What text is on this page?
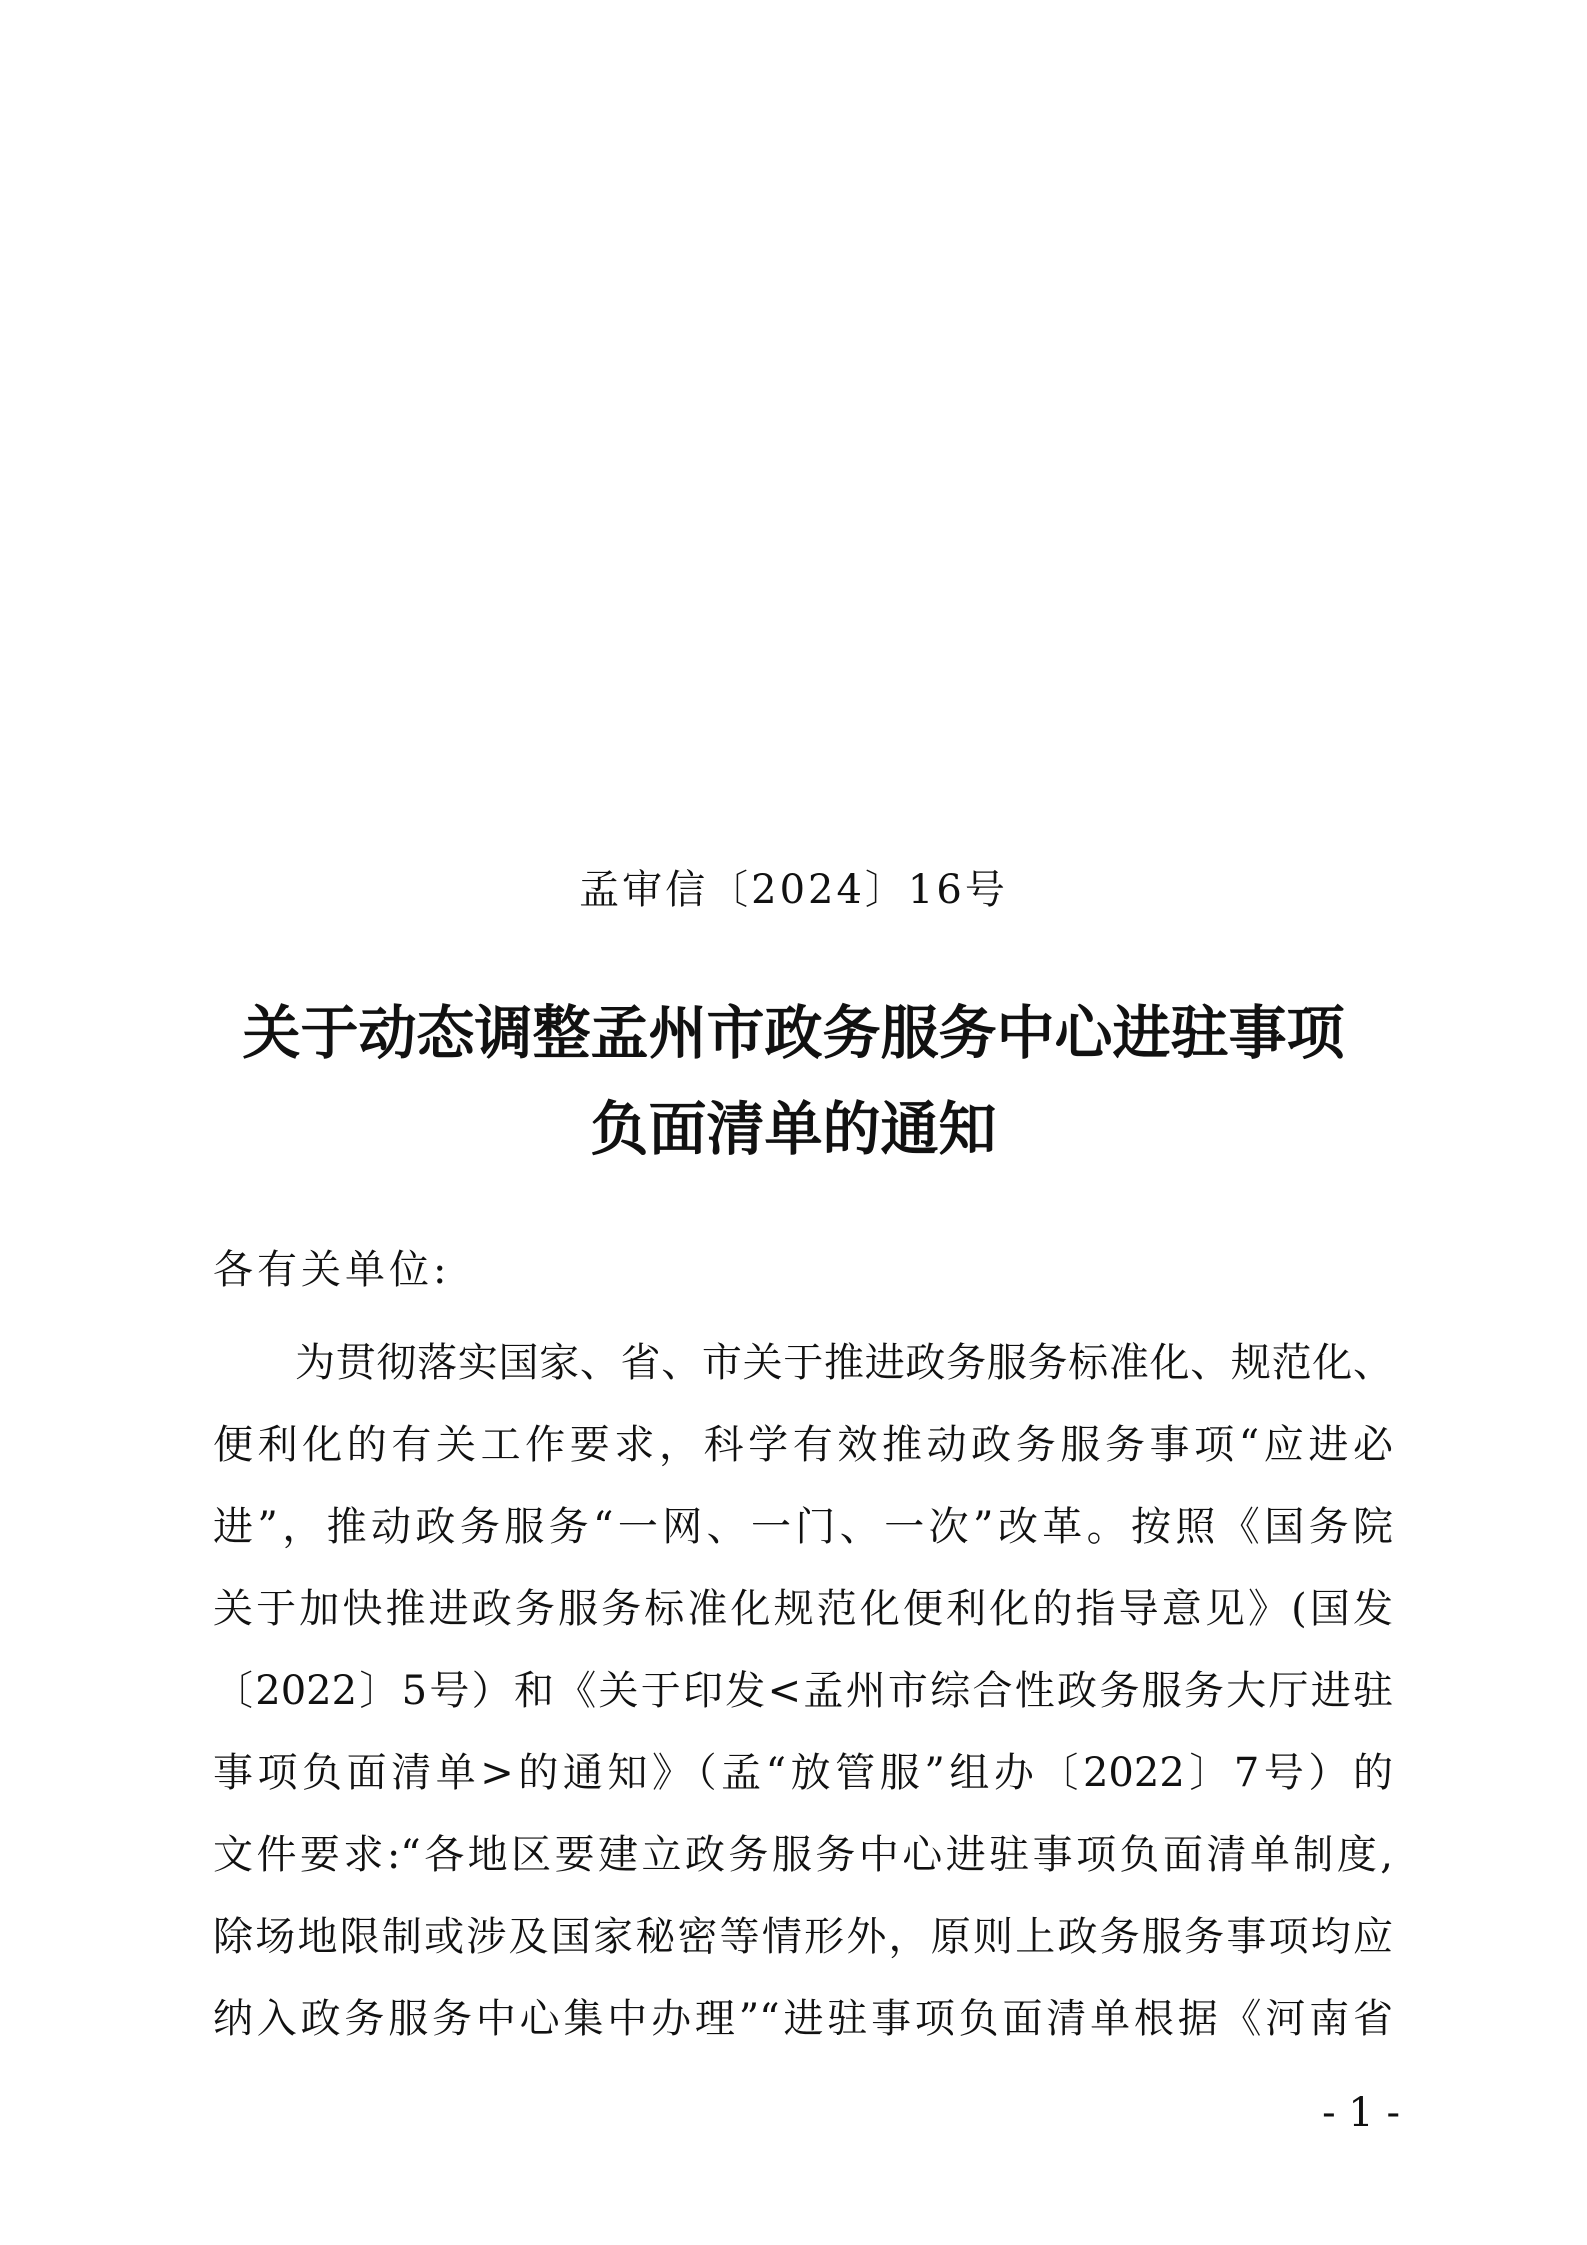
孟审信〔2024〕16号
关于动态调整孟州市政务服务中心进驻事项
负面清单的通知
各有关单位:
为贯彻落实国家、省、市关于推进政务服务标准化、规范化、
便利化的有关工作要求，科学有效推动政务服务事项“应进必
进”，推动政务服务“一网、一门、一次”改革。按照《国务院
关于加快推进政务服务标准化规范化便利化的指导意见》(国发
〔2022〕5号）和《关于印发<孟州市综合性政务服务大厅进驻
事项负面清单>的通知》（孟“放管服”组办〔2022〕7号）的
文件要求:“各地区要建立政务服务中心进驻事项负面清单制度,
除场地限制或涉及国家秘密等情形外，原则上政务服务事项均应
纳入政务服务中心集中办理”“进驻事项负面清单根据《河南省
- 1 -
